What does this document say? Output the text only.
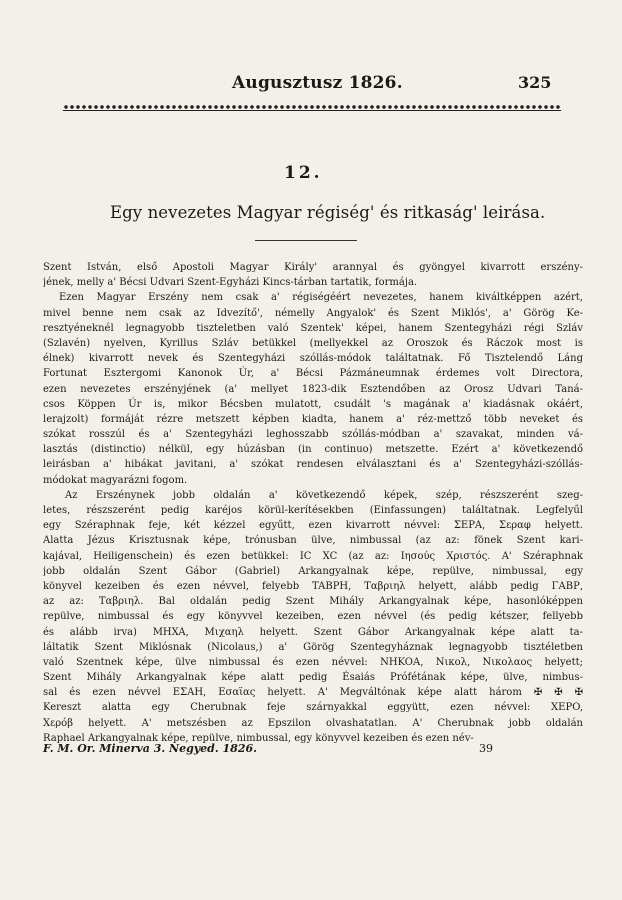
Augusztusz 1826.	325
12.
Egy nevezetes Magyar régiség' és ritkaság' leirása.
Szent István, első Apostoli Magyar Király' arannyal és gyöngyel kivarrott erszény-
jének, melly a' Bécsi Udvari Szent-Egyházi Kincs-tárban tartatik, formája.
Ezen Magyar Erszény nem csak a' régiségéért nevezetes, hanem kiváltképpen azért,
mivel benne nem csak az Idvezítő', némelly Angyalok' és Szent Miklós', a' Görög Ke-
resztyéneknél legnagyobb tiszteletben való Szentek' képei, hanem Szentegyházi régi Szláv
(Szlavén) nyelven, Kyrillus Szláv betükkel (mellyekkel az Oroszok és Ráczok most is
élnek) kivarrott nevek és Szentegyházi szóllás-módok találtatnak. Fő Tisztelendő Láng
Fortunat Esztergomi Kanonok Úr, a' Bécsi Pázmáneumnak érdemes volt Directora,
ezen nevezetes erszényjének (a' mellyet 1823-dik Esztendőben az Orosz Udvari Taná-
csos Köppen Úr is, mikor Bécsben mulatott, csudált 's magának a' kiadásnak okáért,
lerajzolt) formáját rézre metszett képben kiadta, hanem a' réz-mettző több neveket és
szókat rosszúl és a' Szentegyházi leghosszabb szóllás-módban a' szavakat, minden vá-
lasztás (distinctio) nélkül, egy húzásban (in continuo) metszette. Ezért a' következendő
leirásban a' hibákat javitani, a' szókat rendesen elválasztani és a' Szentegyházi-szóllás-
módokat magyarázni fogom.
Az Erszénynek jobb oldalán a' következendő képek, szép, részszerént szeg-
letes, részszerént pedig karéjos körül-kerítésekben (Einfassungen) találtatnak. Legfelyűl
egy Széraphnak feje, két kézzel egyűtt, ezen kivarrott névvel: ΣΕΡΑ, Σεραφ helyett.
Alatta Jézus Krisztusnak képe, trónusban ülve, nimbussal (az az: fönek Szent kari-
kajával, Heiligenschein) és ezen betükkel: IC XC (az az: Ιησούς Χριστός. A' Széraphnak
jobb oldalán Szent Gábor (Gabriel) Arkangyalnak képe, repülve, nimbussal, egy
könyvel kezeiben és ezen névvel, felyebb TABPH, Ταβριηλ helyett, alább pedig ΓΑΒΡ,
az az: Ταβριηλ. Bal oldalán pedig Szent Mihály Arkangyalnak képe, hasonlóképpen
repülve, nimbussal és egy könyvvel kezeiben, ezen névvel (és pedig kétszer, fellyebb
és alább irva) MHXA, Μιχαηλ helyett. Szent Gábor Arkangyalnak képe alatt ta-
láltatik Szent Miklósnak (Nicolaus,) a' Görög Szentegyháznak legnagyobb tisztéletben
való Szentnek képe, ülve nimbussal és ezen névvel: NHKOA, Νικολ, Νικολαος helyett;
Szent Mihály Arkangyalnak képe alatt pedig Ésaiás Prófétának képe, ülve, nimbus-
sal és ezen névvel ΕΣΑΗ, Εσαϊας helyett. A' Megváltónak képe alatt három ✠ ✠ ✠
Kereszt alatta egy Cherubnak feje szárnyakkal eggyütt, ezen névvel: XEPO,
Χερόβ helyett. A' metszésben az Epszilon olvashatatlan. A' Cherubnak jobb oldalán
Raphael Arkangyalnak képe, repülve, nimbussal, egy könyvvel kezeiben és ezen név-
F. M. Or. Minerva 3. Negyed. 1826.	39
